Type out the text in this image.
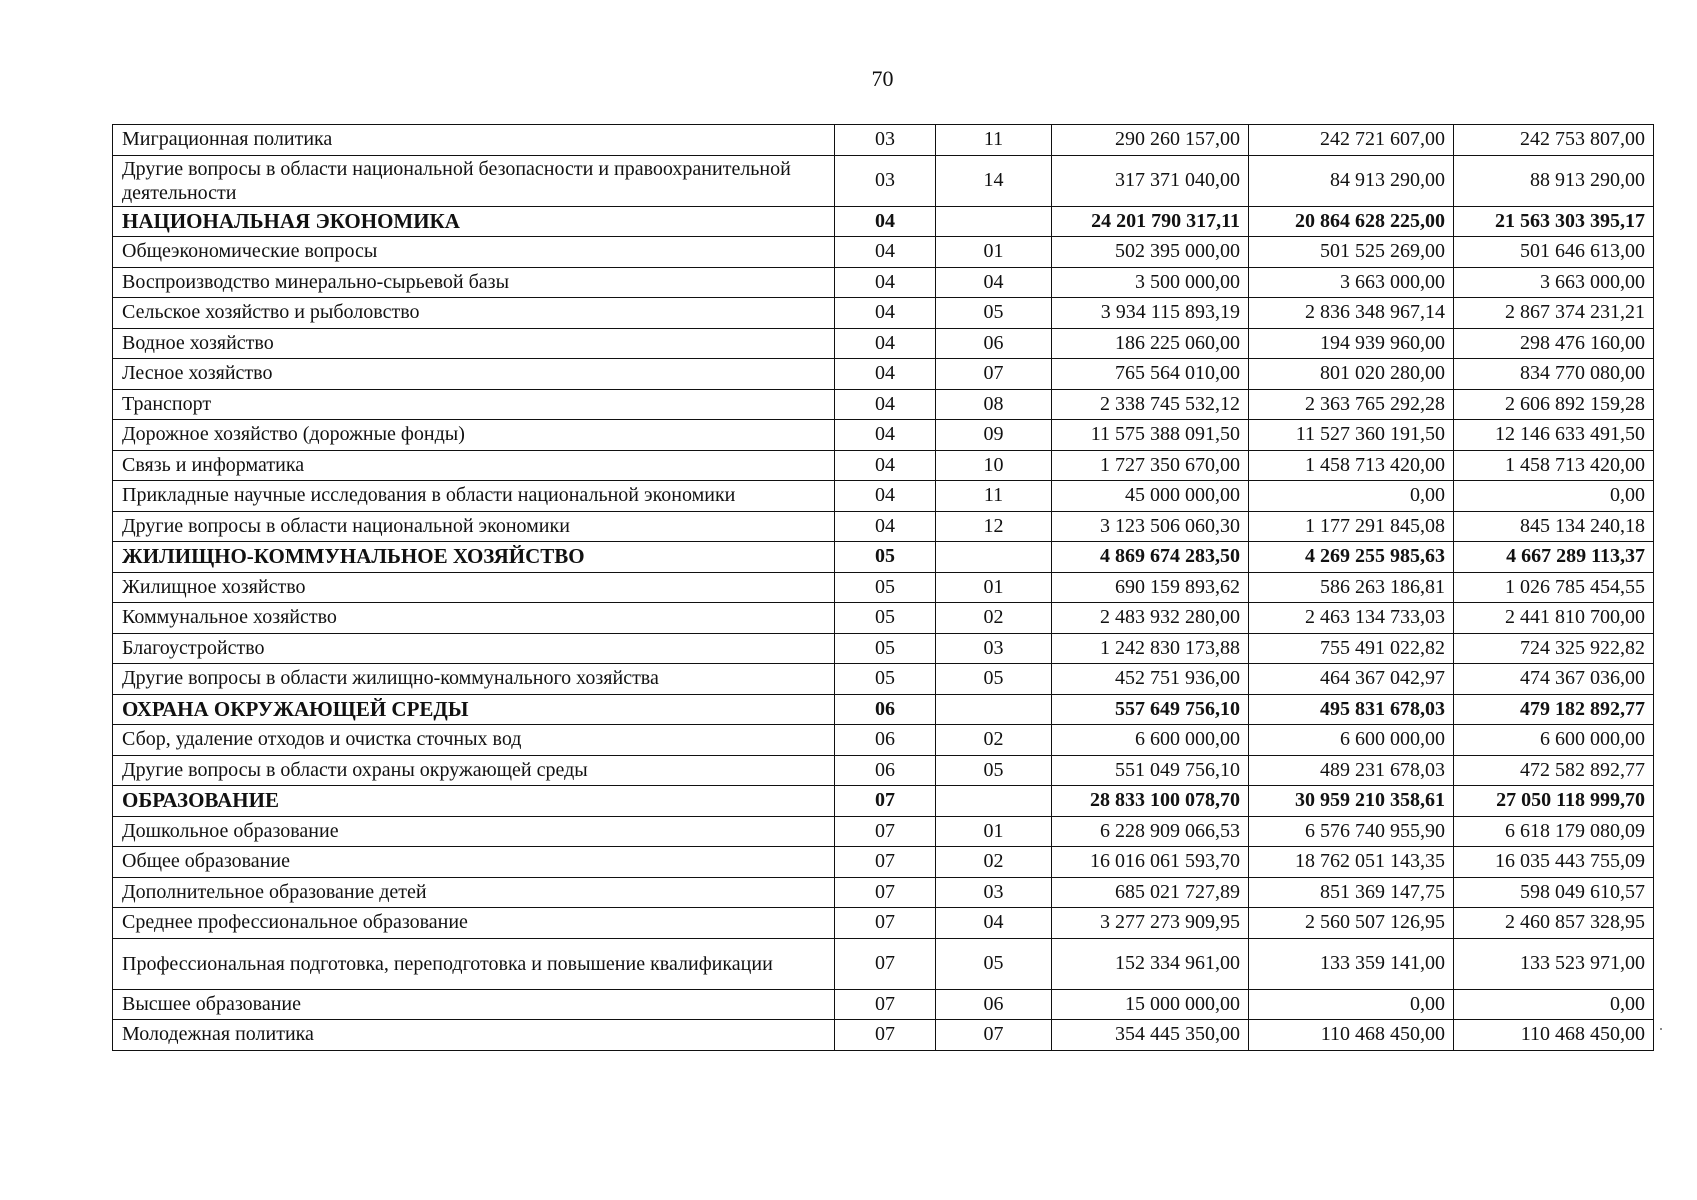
70
Миграционная политика	03	11	290 260 157,00	242 721 607,00	242 753 807,00
Другие вопросы в области национальной безопасности и правоохранительной деятельности	03	14	317 371 040,00	84 913 290,00	88 913 290,00
НАЦИОНАЛЬНАЯ ЭКОНОМИКА	04		24 201 790 317,11	20 864 628 225,00	21 563 303 395,17
Общеэкономические вопросы	04	01	502 395 000,00	501 525 269,00	501 646 613,00
Воспроизводство минерально-сырьевой базы	04	04	3 500 000,00	3 663 000,00	3 663 000,00
Сельское хозяйство и рыболовство	04	05	3 934 115 893,19	2 836 348 967,14	2 867 374 231,21
Водное хозяйство	04	06	186 225 060,00	194 939 960,00	298 476 160,00
Лесное хозяйство	04	07	765 564 010,00	801 020 280,00	834 770 080,00
Транспорт	04	08	2 338 745 532,12	2 363 765 292,28	2 606 892 159,28
Дорожное хозяйство (дорожные фонды)	04	09	11 575 388 091,50	11 527 360 191,50	12 146 633 491,50
Связь и информатика	04	10	1 727 350 670,00	1 458 713 420,00	1 458 713 420,00
Прикладные научные исследования в области национальной экономики	04	11	45 000 000,00	0,00	0,00
Другие вопросы в области национальной экономики	04	12	3 123 506 060,30	1 177 291 845,08	845 134 240,18
ЖИЛИЩНО-КОММУНАЛЬНОЕ ХОЗЯЙСТВО	05		4 869 674 283,50	4 269 255 985,63	4 667 289 113,37
Жилищное хозяйство	05	01	690 159 893,62	586 263 186,81	1 026 785 454,55
Коммунальное хозяйство	05	02	2 483 932 280,00	2 463 134 733,03	2 441 810 700,00
Благоустройство	05	03	1 242 830 173,88	755 491 022,82	724 325 922,82
Другие вопросы в области жилищно-коммунального хозяйства	05	05	452 751 936,00	464 367 042,97	474 367 036,00
ОХРАНА ОКРУЖАЮЩЕЙ СРЕДЫ	06		557 649 756,10	495 831 678,03	479 182 892,77
Сбор, удаление отходов и очистка сточных вод	06	02	6 600 000,00	6 600 000,00	6 600 000,00
Другие вопросы в области охраны окружающей среды	06	05	551 049 756,10	489 231 678,03	472 582 892,77
ОБРАЗОВАНИЕ	07		28 833 100 078,70	30 959 210 358,61	27 050 118 999,70
Дошкольное образование	07	01	6 228 909 066,53	6 576 740 955,90	6 618 179 080,09
Общее образование	07	02	16 016 061 593,70	18 762 051 143,35	16 035 443 755,09
Дополнительное образование детей	07	03	685 021 727,89	851 369 147,75	598 049 610,57
Среднее профессиональное образование	07	04	3 277 273 909,95	2 560 507 126,95	2 460 857 328,95
Профессиональная подготовка, переподготовка и повышение квалификации	07	05	152 334 961,00	133 359 141,00	133 523 971,00
Высшее образование	07	06	15 000 000,00	0,00	0,00
Молодежная политика	07	07	354 445 350,00	110 468 450,00	110 468 450,00
